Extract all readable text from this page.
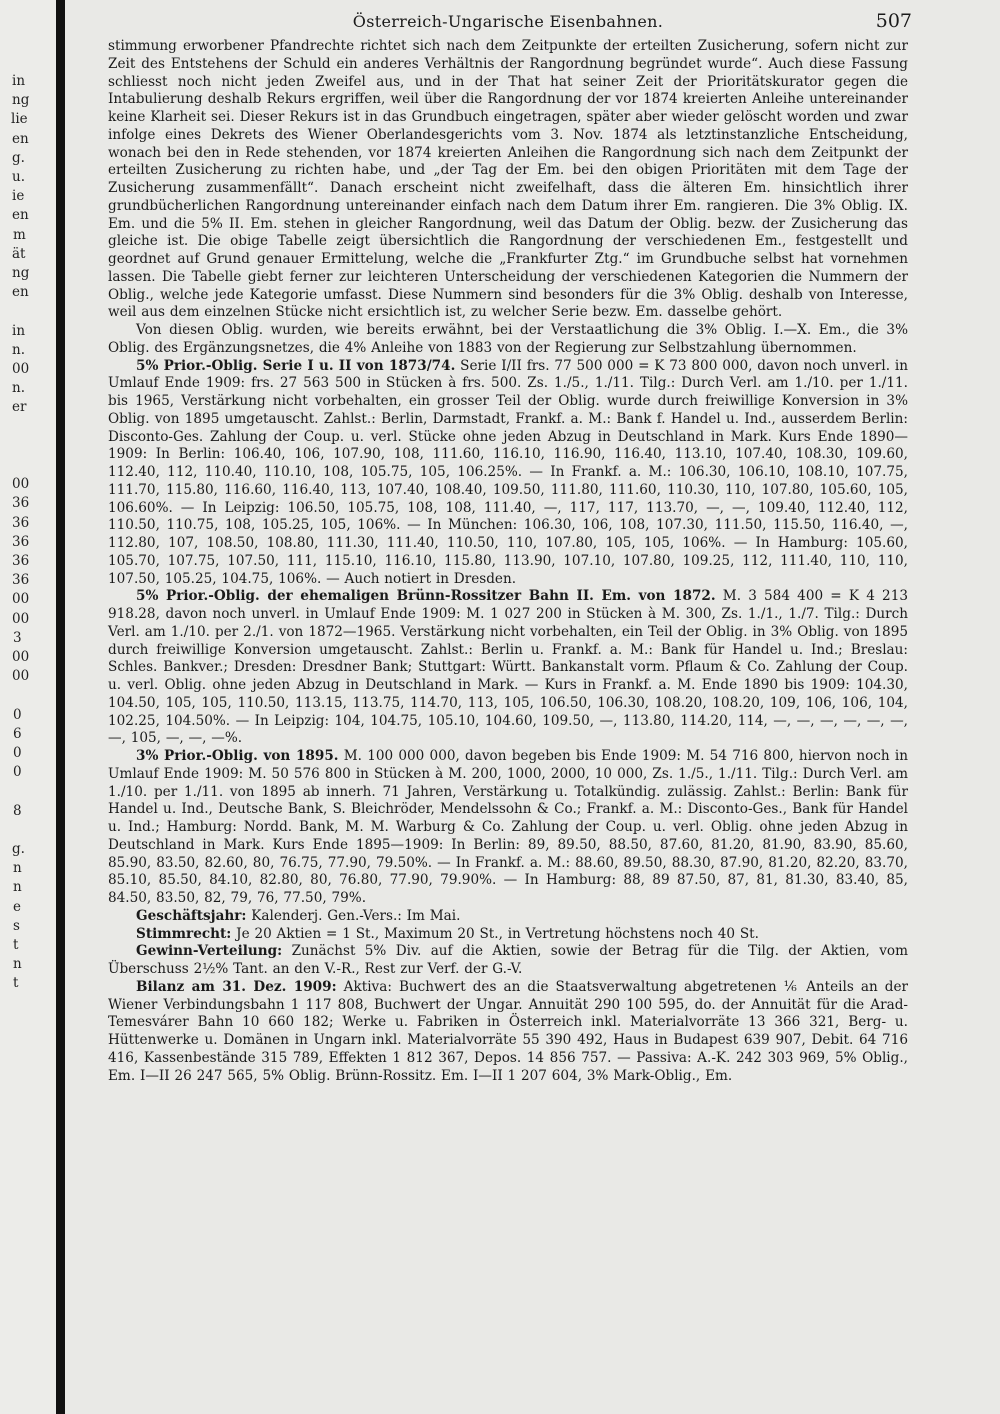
in
ng
lie
en
g.
u.
ie
en
m
ät
ng
en
in
n.
00
n.
er
00
36
36
36
36
36
00
00
3
00
00
0
6
0
0
8
g.
n
n
e
s
t
n
t
Österreich-Ungarische Eisenbahnen.	507

stimmung erworbener Pfandrechte richtet sich nach dem Zeitpunkte der erteilten Zusicherung, sofern nicht zur Zeit des Entstehens der Schuld ein anderes Verhältnis der Rangordnung begründet wurde“. Auch diese Fassung schliesst noch nicht jeden Zweifel aus, und in der That hat seiner Zeit der Prioritätskurator gegen die Intabulierung deshalb Rekurs ergriffen, weil über die Rangordnung der vor 1874 kreierten Anleihe untereinander keine Klarheit sei. Dieser Rekurs ist in das Grundbuch eingetragen, später aber wieder gelöscht worden und zwar infolge eines Dekrets des Wiener Oberlandesgerichts vom 3. Nov. 1874 als letztinstanzliche Entscheidung, wonach bei den in Rede stehenden, vor 1874 kreierten Anleihen die Rangordnung sich nach dem Zeitpunkt der erteilten Zusicherung zu richten habe, und „der Tag der Em. bei den obigen Prioritäten mit dem Tage der Zusicherung zusammenfällt“. Danach erscheint nicht zweifelhaft, dass die älteren Em. hinsichtlich ihrer grundbücherlichen Rangordnung untereinander einfach nach dem Datum ihrer Em. rangieren. Die 3% Oblig. IX. Em. und die 5% II. Em. stehen in gleicher Rangordnung, weil das Datum der Oblig. bezw. der Zusicherung das gleiche ist. Die obige Tabelle zeigt übersichtlich die Rangordnung der verschiedenen Em., festgestellt und geordnet auf Grund genauer Ermittelung, welche die „Frankfurter Ztg.“ im Grundbuche selbst hat vornehmen lassen. Die Tabelle giebt ferner zur leichteren Unterscheidung der verschiedenen Kategorien die Nummern der Oblig., welche jede Kategorie umfasst. Diese Nummern sind besonders für die 3% Oblig. deshalb von Interesse, weil aus dem einzelnen Stücke nicht ersichtlich ist, zu welcher Serie bezw. Em. dasselbe gehört.

Von diesen Oblig. wurden, wie bereits erwähnt, bei der Verstaatlichung die 3% Oblig. I.—X. Em., die 3% Oblig. des Ergänzungsnetzes, die 4% Anleihe von 1883 von der Regierung zur Selbstzahlung übernommen.

5% Prior.-Oblig. Serie I u. II von 1873/74. Serie I/II frs. 77 500 000 = K 73 800 000, davon noch unverl. in Umlauf Ende 1909: frs. 27 563 500 in Stücken à frs. 500. Zs. 1./5., 1./11. Tilg.: Durch Verl. am 1./10. per 1./11. bis 1965, Verstärkung nicht vorbehalten, ein grosser Teil der Oblig. wurde durch freiwillige Konversion in 3% Oblig. von 1895 umgetauscht. Zahlst.: Berlin, Darmstadt, Frankf. a. M.: Bank f. Handel u. Ind., ausserdem Berlin: Disconto-Ges. Zahlung der Coup. u. verl. Stücke ohne jeden Abzug in Deutschland in Mark. Kurs Ende 1890—1909: In Berlin: 106.40, 106, 107.90, 108, 111.60, 116.10, 116.90, 116.40, 113.10, 107.40, 108.30, 109.60, 112.40, 112, 110.40, 110.10, 108, 105.75, 105, 106.25%. — In Frankf. a. M.: 106.30, 106.10, 108.10, 107.75, 111.70, 115.80, 116.60, 116.40, 113, 107.40, 108.40, 109.50, 111.80, 111.60, 110.30, 110, 107.80, 105.60, 105, 106.60%. — In Leipzig: 106.50, 105.75, 108, 108, 111.40, —, 117, 117, 113.70, —, —, 109.40, 112.40, 112, 110.50, 110.75, 108, 105.25, 105, 106%. — In München: 106.30, 106, 108, 107.30, 111.50, 115.50, 116.40, —, 112.80, 107, 108.50, 108.80, 111.30, 111.40, 110.50, 110, 107.80, 105, 105, 106%. — In Hamburg: 105.60, 105.70, 107.75, 107.50, 111, 115.10, 116.10, 115.80, 113.90, 107.10, 107.80, 109.25, 112, 111.40, 110, 110, 107.50, 105.25, 104.75, 106%. — Auch notiert in Dresden.

5% Prior.-Oblig. der ehemaligen Brünn-Rossitzer Bahn II. Em. von 1872. M. 3 584 400 = K 4 213 918.28, davon noch unverl. in Umlauf Ende 1909: M. 1 027 200 in Stücken à M. 300, Zs. 1./1., 1./7. Tilg.: Durch Verl. am 1./10. per 2./1. von 1872—1965. Verstärkung nicht vorbehalten, ein Teil der Oblig. in 3% Oblig. von 1895 durch freiwillige Konversion umgetauscht. Zahlst.: Berlin u. Frankf. a. M.: Bank für Handel u. Ind.; Breslau: Schles. Bankver.; Dresden: Dresdner Bank; Stuttgart: Württ. Bankanstalt vorm. Pflaum & Co. Zahlung der Coup. u. verl. Oblig. ohne jeden Abzug in Deutschland in Mark. — Kurs in Frankf. a. M. Ende 1890 bis 1909: 104.30, 104.50, 105, 105, 110.50, 113.15, 113.75, 114.70, 113, 105, 106.50, 106.30, 108.20, 108.20, 109, 106, 106, 104, 102.25, 104.50%. — In Leipzig: 104, 104.75, 105.10, 104.60, 109.50, —, 113.80, 114.20, 114, —, —, —, —, —, —, —, 105, —, —, —%.

3% Prior.-Oblig. von 1895. M. 100 000 000, davon begeben bis Ende 1909: M. 54 716 800, hiervon noch in Umlauf Ende 1909: M. 50 576 800 in Stücken à M. 200, 1000, 2000, 10 000, Zs. 1./5., 1./11. Tilg.: Durch Verl. am 1./10. per 1./11. von 1895 ab innerh. 71 Jahren, Verstärkung u. Totalkündig. zulässig. Zahlst.: Berlin: Bank für Handel u. Ind., Deutsche Bank, S. Bleichröder, Mendelssohn & Co.; Frankf. a. M.: Disconto-Ges., Bank für Handel u. Ind.; Hamburg: Nordd. Bank, M. M. Warburg & Co. Zahlung der Coup. u. verl. Oblig. ohne jeden Abzug in Deutschland in Mark. Kurs Ende 1895—1909: In Berlin: 89, 89.50, 88.50, 87.60, 81.20, 81.90, 83.90, 85.60, 85.90, 83.50, 82.60, 80, 76.75, 77.90, 79.50%. — In Frankf. a. M.: 88.60, 89.50, 88.30, 87.90, 81.20, 82.20, 83.70, 85.10, 85.50, 84.10, 82.80, 80, 76.80, 77.90, 79.90%. — In Hamburg: 88, 89 87.50, 87, 81, 81.30, 83.40, 85, 84.50, 83.50, 82, 79, 76, 77.50, 79%.

Geschäftsjahr: Kalenderj. Gen.-Vers.: Im Mai.

Stimmrecht: Je 20 Aktien = 1 St., Maximum 20 St., in Vertretung höchstens noch 40 St.

Gewinn-Verteilung: Zunächst 5% Div. auf die Aktien, sowie der Betrag für die Tilg. der Aktien, vom Überschuss 2½% Tant. an den V.-R., Rest zur Verf. der G.-V.

Bilanz am 31. Dez. 1909: Aktiva: Buchwert des an die Staatsverwaltung abgetretenen ⅙ Anteils an der Wiener Verbindungsbahn 1 117 808, Buchwert der Ungar. Annuität 290 100 595, do. der Annuität für die Arad-Temesvárer Bahn 10 660 182; Werke u. Fabriken in Österreich inkl. Materialvorräte 13 366 321, Berg- u. Hüttenwerke u. Domänen in Ungarn inkl. Materialvorräte 55 390 492, Haus in Budapest 639 907, Debit. 64 716 416, Kassenbestände 315 789, Effekten 1 812 367, Depos. 14 856 757. — Passiva: A.-K. 242 303 969, 5% Oblig., Em. I—II 26 247 565, 5% Oblig. Brünn-Rossitz. Em. I—II 1 207 604, 3% Mark-Oblig., Em.
